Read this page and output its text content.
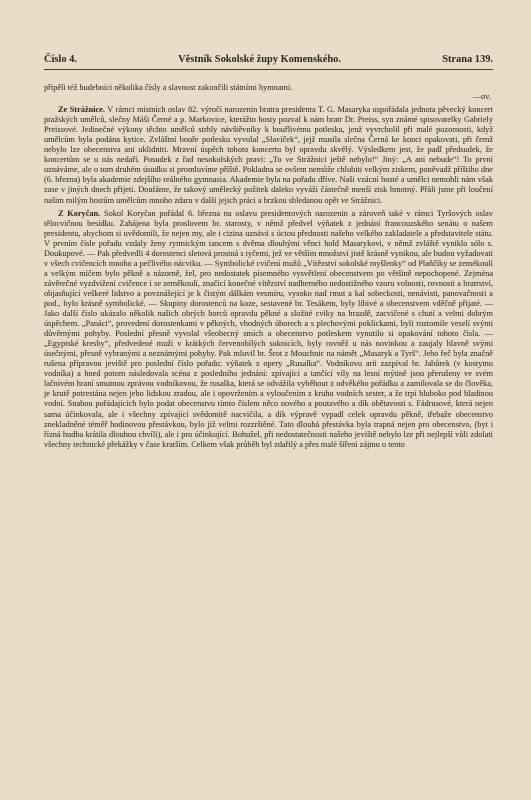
Číslo 4.	Věstník Sokolské župy Komenského.	Strana 139.

připěli též hudebníci několika čísly a slavnost zakončili státními hymnami.

—ov.

Ze Strážnice. V rámci místních oslav 82. výročí narozenin bratra presidenta T. G. Masaryka uspořádala jednota pěvecký koncert pražských umělců, slečny Máši Černé a p. Markovice, kterážto hosty pozval k nám bratr Dr. Preiss, syn známé spisovatelky Gabriely Preissové. Jedinečné výkony těchto umělců strhly návštěvníky k bouřlivému potlesku, jenž vyvrcholil při malé pozornosti, když umělcům byla podána kytice. Zvláštní bouře potlesku vyvolal „Slavíček“, jejž musila slečna Černá ke konci opakovati, při čemž nebylo lze obecenstva ani uklidniti. Mravní úspěch tohoto koncertu byl opravdu skvělý. Výsledkem jest, že padl předsudek, že koncertům se u nás nedaří. Posudek z řad nesokolských pravi: „To ve Strážnici ještě nebylo!“ Jiný: „A ani nebude“! To první uznáváme, ale o tom druhém úsudku si promluvíme příště. Pokladna se ovšem nemůže chlubiti velkým ziskem, poněvadž příštího dne (6. března) byla akademie zdejšího reálného gymnasia. Akademie byla na pořadu dříve. Naši vzácní hosté a umělci nemohli nám však zase v jiných dnech přijeti. Doufáme, že takový umělecký požitek daleko vyváží částečně menší zisk hmotný. Přáli jsme při loučení našim milým hostům umělcům mnoho zdaru v dalši jejich práci a brzkou shledanou opět ve Strážnici.

Z Koryčan. Sokol Koryčan pořádal 6. března na oslavu presidentových narozenin a zároveň také v rámci Tyršových oslav tělocvičnou besídku. Zahájena byla proslovem br. starosty, v němž předvel výňatek z jednání francouzského senátu o našem presidentu, abychom si uvědomili, že nejen my, ale i cizina uznává s úctou přednosti našeho velkého zakladatele a představitele státu. V prvním čísle pořadu vzdaly ženy rytmickým tancem s dvěma dlouhými věnci hold Masarykovi, v němž zvláště vyniklo sólo s. Doukupové. — Pak předvedli 4 dorostenci sletová prostná s tyčemi, jež ve větším množství jistě krásně vynikou, ale budou vyžadovati v všech cvičencích mnoho a pečlivého nácviku. — Symbolické cvičení mužů „Vítězství sokolské myšlenky“ od Plaňčíky se zemékoulí a velkým míčem bylo pěkně a názorně, žel, pro nedostatek písemného vysvětlení obecenstvem po většině nepochopené. Zejména závěrečné vyzdvižení cvičence i se zeměkoulí, značící konečné vítězství nadherného nedostižného vzoru volnosti, rovnosti a bratrství, objasňující veškeré lidstvo a povznášející je k čistým dálkám vesmíru, vysoko nad rmut a kal sobeckosti, nenávisti, panovačnosti a pod., bylo krásně symbolické. — Skupiny dorostenců na koze, sestavené br. Tesákem, byly líbivé a obecenstvem vděčně přijaté. — Jako další číslo ukázalo několik našich obrých borců opravdu pěkné a složité cviky na hrazdě, zacvičené s chutí a velmi dobrým úspěchem. „Panáci“, provedení dorostenkami v pěkných, vhodných úborech a s plechovými poklickami, byli roztomile veselí svými důvěrnými pohyby. Poslední přesně vyvolal všeobecný smích a obecenstvo potleskem vynutilo si opakování tohoto čísla. — „Egyptské kresby“, předvedené muži v krátkých červenobílých suknicích, byly rovněž u nás novinkou a zaujaly hlavně svými úsečnými, přesně vybranými a neznámými pohyby. Pak mluvil br. Šrot z Mouchnic na námět „Masaryk a Tyrš“. Jeho řeč byla značně rušena přípravou jeviště pro poslední číslo pořadu: výňatek z opery „Rusalka“. Vodníkovu arii zazpíval br. Jabůrek (v kostymu vodníka) a hned potom následovala scéna z posledního jednání: zpívající a tančící víly na lesní mýtině jsou přerušeny ve svém lačnivém hraní smutnou zprávou vodníkovou, že rusalka, která se odvážila vyběhout z odvěkého pořádku a zamilovala se do člověka, je krutě potrestána nejen jeho lidskou zradou, ale i opovržením a vyloučením z kruhu vodních sester, a že trpí hluboko pod hladinou vodní. Snahou pořádajících bylo podat obecenstvu tímto číslem něco nového a poutavého a dík obětavosti s. Fádrusové, která nejen sama účinkovala, ale i všechny zpívající svědomitě nacvičila, a dík výpravě vypadl celek opravdu pěkně, třebaže obecenstvo znekladněné téměř hodinovou přestávkou, bylo již velmi rozzrštěné. Tato dlouhá přestávka byla trapná nejen pro obecenstvo, (byt i řízná hudba krátila dlouhou chvíli), ale i pro účinkující. Bohužel, při nedostatečnosti našeho jeviště nebylo lze při nejlepší vůli zdolati všechny technické překážky v čase kratším. Celkem však průběh byl zdařilý a přes malé šíření zájmu o tento
